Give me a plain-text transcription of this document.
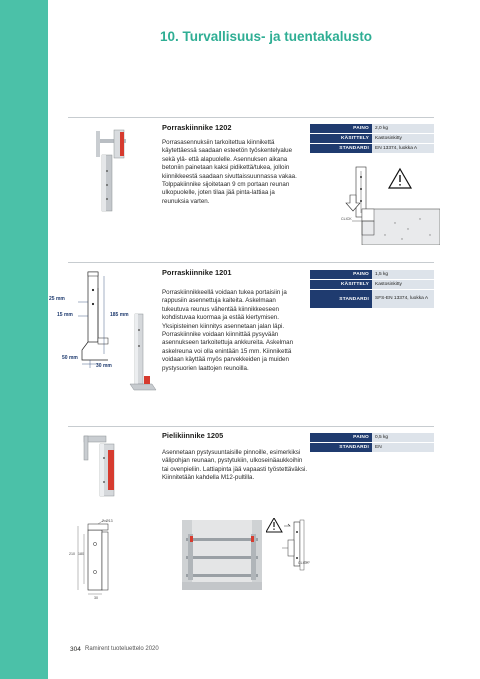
10. Turvallisuus- ja tuentakalusto
Porraskiinnike 1202

Porrasasennuksiin tarkoitettua kiinnikettä käytettäessä saadaan esteetön työskentelyalue sekä ylä- että alapuolelle. Asennuksen aikana betoniin painetaan kaksi pidikettä/tukea, jolloin kiinnikkeestä saadaan sivuttaissuunnassa vakaa. Tolppakiinnike sijoitetaan 9 cm portaan reunan ulkopuolelle, joten tilaa jää pinta-lattiaa ja reunuksia varten.

PAINO	2,0 kg
KÄSITTELY	Kastosinkitty
STANDARDI	EN 13374, luokka A
CLICK
25 mm
15 mm	185 mm
50 mm
30 mm
Porraskiinnike 1201

Porraskiinnikkeellä voidaan tukea portaisiin ja rappusiin asennettuja kaiteita. Askelmaan tukeutuva reunus vähentää kiinnikkeeseen kohdistuvaa kuormaa ja estää kiertymisen. Yksipisteinen kiinnitys asennetaan jalan läpi. Porraskiinnike voidaan kiinnittää pysyvään asennukseen tarkoitettuja ankkureita. Askelman askelreuna voi olla enintään 15 mm. Kiinnikettä voidaan käyttää myös parvekkeiden ja muiden pystysuorien laattojen reunoilla.

PAINO	1,5 kg
KÄSITTELY	Kastosinkitty
STANDARDI	SFS-EN 13374, luokka A
Pielikiinnike 1205

Asennetaan pystysuuntaisille pinnoille, esimerkiksi välipohjan reunaan, pystytukiin, ulkoseinäaukkoihin tai ovenpieliin. Lattiapinta jää vapaasti työstettäväksi. Kiinnitetään kahdella M12-pultilla.

PAINO	0,5 kg
STANDARDI	EN
2xØ13
210 180
30
CLICK
304 Ramirent tuoteluettelo 2020
